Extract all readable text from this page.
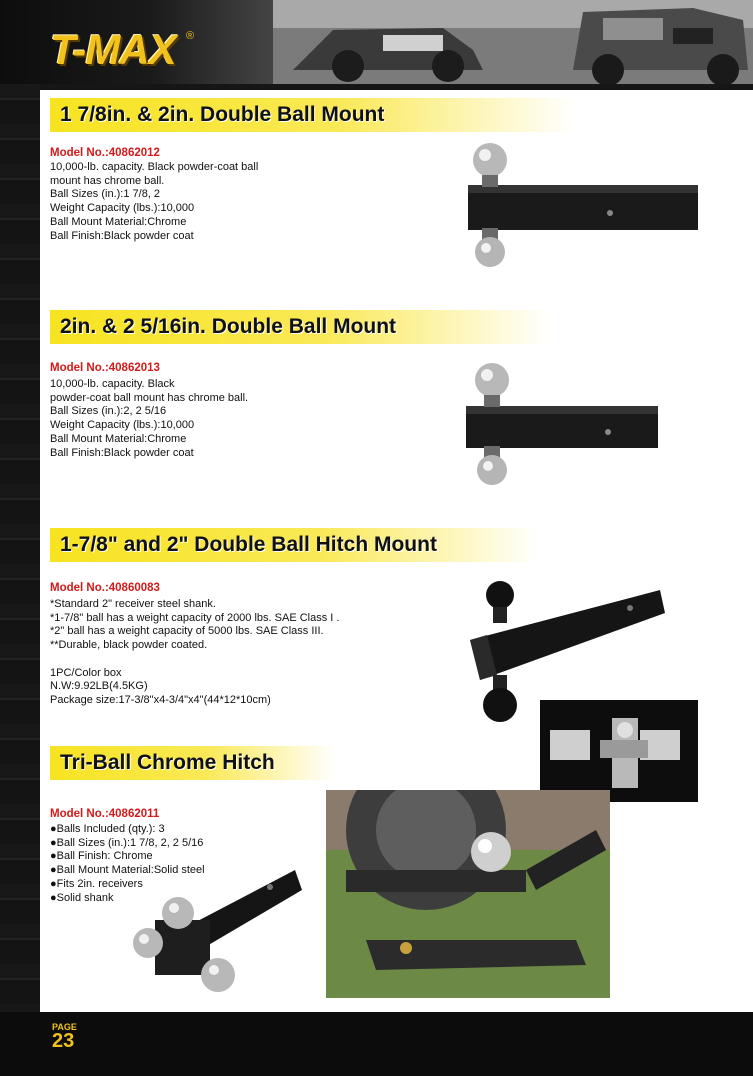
T-MAX ®
1 7/8in. & 2in. Double Ball Mount
Model No.:40862012
10,000-lb. capacity. Black powder-coat ball
mount has chrome ball.
Ball Sizes (in.):1 7/8, 2
Weight Capacity (lbs.):10,000
Ball Mount Material:Chrome
Ball Finish:Black powder coat
2in. & 2 5/16in. Double Ball Mount
Model No.:40862013
10,000-lb. capacity. Black
powder-coat ball mount has chrome ball.
Ball Sizes (in.):2, 2 5/16
Weight Capacity (lbs.):10,000
Ball Mount Material:Chrome
Ball Finish:Black powder coat
1-7/8" and 2" Double Ball Hitch Mount
Model No.:40860083
*Standard 2" receiver steel shank.
*1-7/8" ball has a weight capacity of 2000 lbs. SAE Class I .
*2" ball has a weight capacity of 5000 lbs. SAE Class III.
**Durable, black powder coated.

1PC/Color box
N.W:9.92LB(4.5KG)
Package size:17-3/8"x4-3/4"x4"(44*12*10cm)
Tri-Ball Chrome Hitch
Model No.:40862011
●Balls Included (qty.): 3
●Ball Sizes (in.):1 7/8, 2, 2 5/16
●Ball Finish: Chrome
●Ball Mount Material:Solid steel
●Fits 2in. receivers
●Solid shank
PAGE
23
